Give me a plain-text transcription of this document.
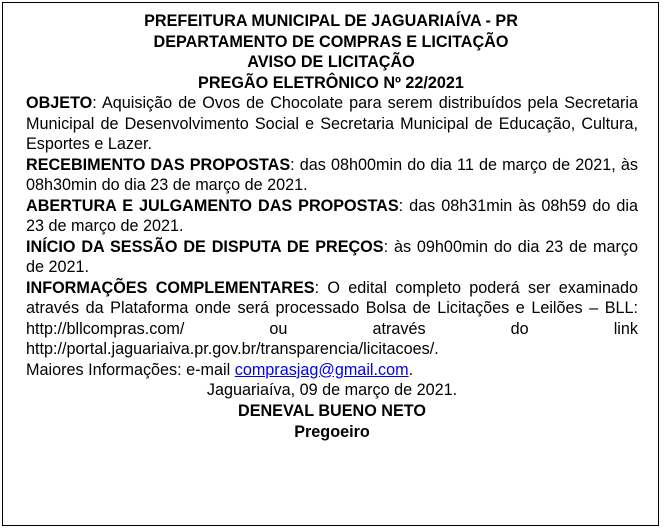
PREFEITURA MUNICIPAL DE JAGUARIAÍVA - PR
DEPARTAMENTO DE COMPRAS E LICITAÇÃO
AVISO DE LICITAÇÃO
PREGÃO ELETRÔNICO Nº 22/2021

OBJETO: Aquisição de Ovos de Chocolate para serem distribuídos pela Secretaria Municipal de Desenvolvimento Social e Secretaria Municipal de Educação, Cultura, Esportes e Lazer.

RECEBIMENTO DAS PROPOSTAS: das 08h00min do dia 11 de março de 2021, às 08h30min do dia 23 de março de 2021.

ABERTURA E JULGAMENTO DAS PROPOSTAS: das 08h31min às 08h59 do dia 23 de março de 2021.

INÍCIO DA SESSÃO DE DISPUTA DE PREÇOS: às 09h00min do dia 23 de março de 2021.

INFORMAÇÕES COMPLEMENTARES: O edital completo poderá ser examinado através da Plataforma onde será processado Bolsa de Licitações e Leilões – BLL: http://bllcompras.com/ ou através do link http://portal.jaguariaiva.pr.gov.br/transparencia/licitacoes/.

Maiores Informações: e-mail comprasjag@gmail.com.

Jaguariaíva, 09 de março de 2021.

DENEVAL BUENO NETO
Pregoeiro
